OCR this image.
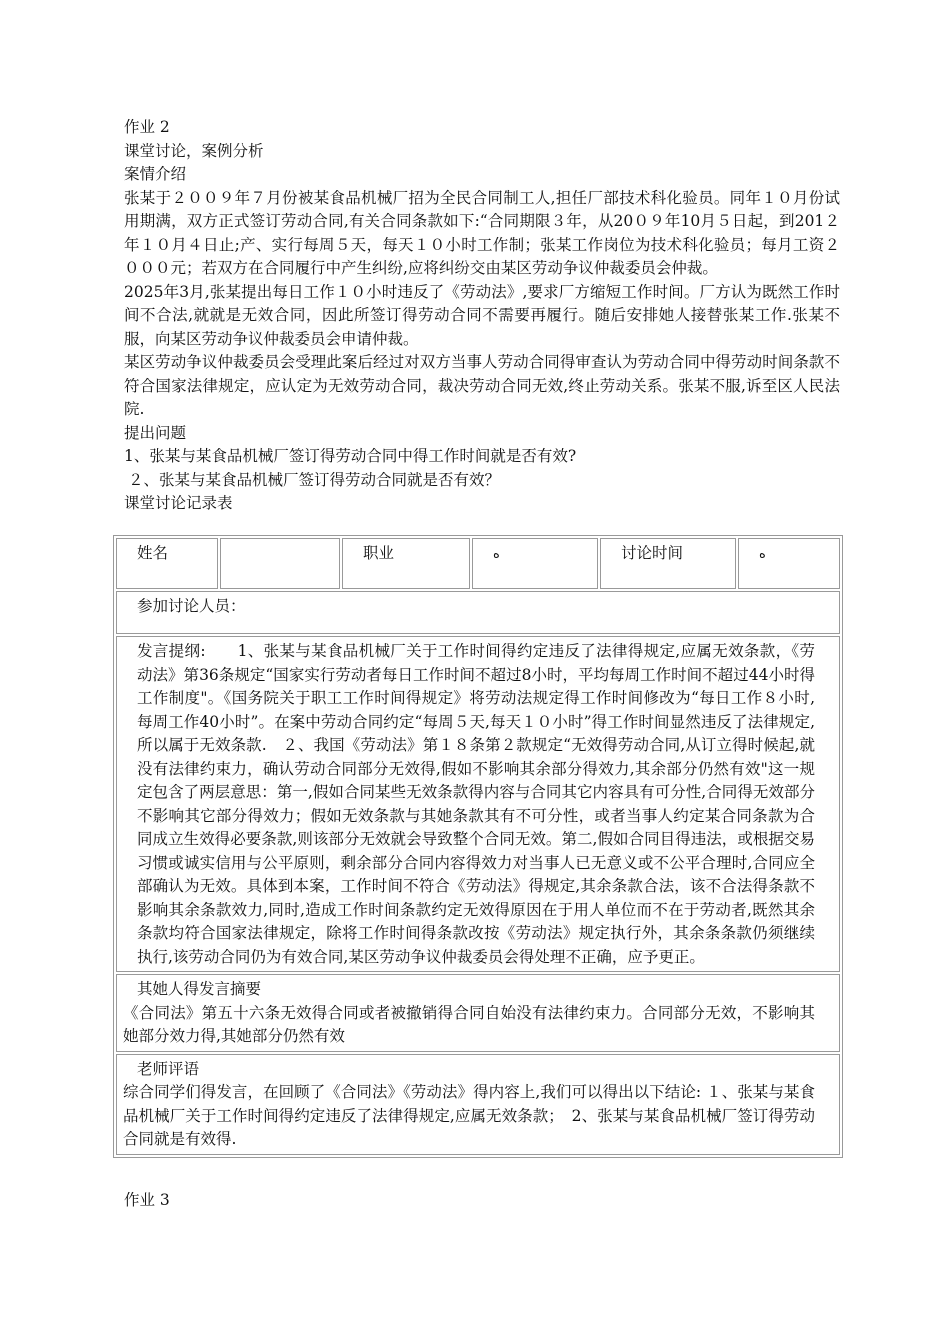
作业 2

课堂讨论，案例分析

案情介绍

张某于２００９年７月份被某食品机械厂招为全民合同制工人,担任厂部技术科化验员。同年１０月份试用期满，双方正式签订劳动合同,有关合同条款如下:“合同期限３年，从20０９年10月５日起，到201２年１０月４日止;产、实行每周５天，每天１０小时工作制；张某工作岗位为技术科化验员；每月工资２０００元；若双方在合同履行中产生纠纷,应将纠纷交由某区劳动争议仲裁委员会仲裁。

2025年3月,张某提出每日工作１０小时违反了《劳动法》,要求厂方缩短工作时间。厂方认为既然工作时间不合法,就就是无效合同，因此所签订得劳动合同不需要再履行。随后安排她人接替张某工作.张某不服，向某区劳动争议仲裁委员会申请仲裁。

某区劳动争议仲裁委员会受理此案后经过对双方当事人劳动合同得审查认为劳动合同中得劳动时间条款不符合国家法律规定，应认定为无效劳动合同，裁决劳动合同无效,终止劳动关系。张某不服,诉至区人民法院.

提出问题

1、张某与某食品机械厂签订得劳动合同中得工作时间就是否有效?

２、张某与某食品机械厂签订得劳动合同就是否有效？

课堂讨论记录表

姓名		职业	ﻩ	讨论时间	ﻩ
参加讨论人员：

发言提纲:　　1、张某与某食品机械厂关于工作时间得约定违反了法律得规定,应属无效条款，《劳动法》第36条规定“国家实行劳动者每日工作时间不超过8小时，平均每周工作时间不超过44小时得工作制度"。《国务院关于职工工作时间得规定》将劳动法规定得工作时间修改为“每日工作８小时,每周工作40小时”。在案中劳动合同约定“每周５天,每天１０小时”得工作时间显然违反了法律规定,所以属于无效条款.　２、我国《劳动法》第１８条第２款规定“无效得劳动合同,从订立得时候起,就没有法律约束力，确认劳动合同部分无效得,假如不影响其余部分得效力,其余部分仍然有效"这一规定包含了两层意思：第一,假如合同某些无效条款得内容与合同其它内容具有可分性,合同得无效部分不影响其它部分得效力；假如无效条款与其她条款其有不可分性，或者当事人约定某合同条款为合同成立生效得必要条款,则该部分无效就会导致整个合同无效。第二,假如合同目得违法，或根据交易习惯或诚实信用与公平原则，剩余部分合同内容得效力对当事人已无意义或不公平合理时,合同应全部确认为无效。具体到本案，工作时间不符合《劳动法》得规定,其余条款合法，该不合法得条款不影响其余条款效力,同时,造成工作时间条款约定无效得原因在于用人单位而不在于劳动者,既然其余条款均符合国家法律规定，除将工作时间得条款改按《劳动法》规定执行外，其余条条款仍须继续执行,该劳动合同仍为有效合同,某区劳动争议仲裁委员会得处理不正确，应予更正。

其她人得发言摘要
《合同法》第五十六条无效得合同或者被撤销得合同自始没有法律约束力。合同部分无效，不影响其她部分效力得,其她部分仍然有效

老师评语
综合同学们得发言，在回顾了《合同法》《劳动法》得内容上,我们可以得出以下结论: １、张某与某食品机械厂关于工作时间得约定违反了法律得规定,应属无效条款；　2、张某与某食品机械厂签订得劳动合同就是有效得.
作业 3
